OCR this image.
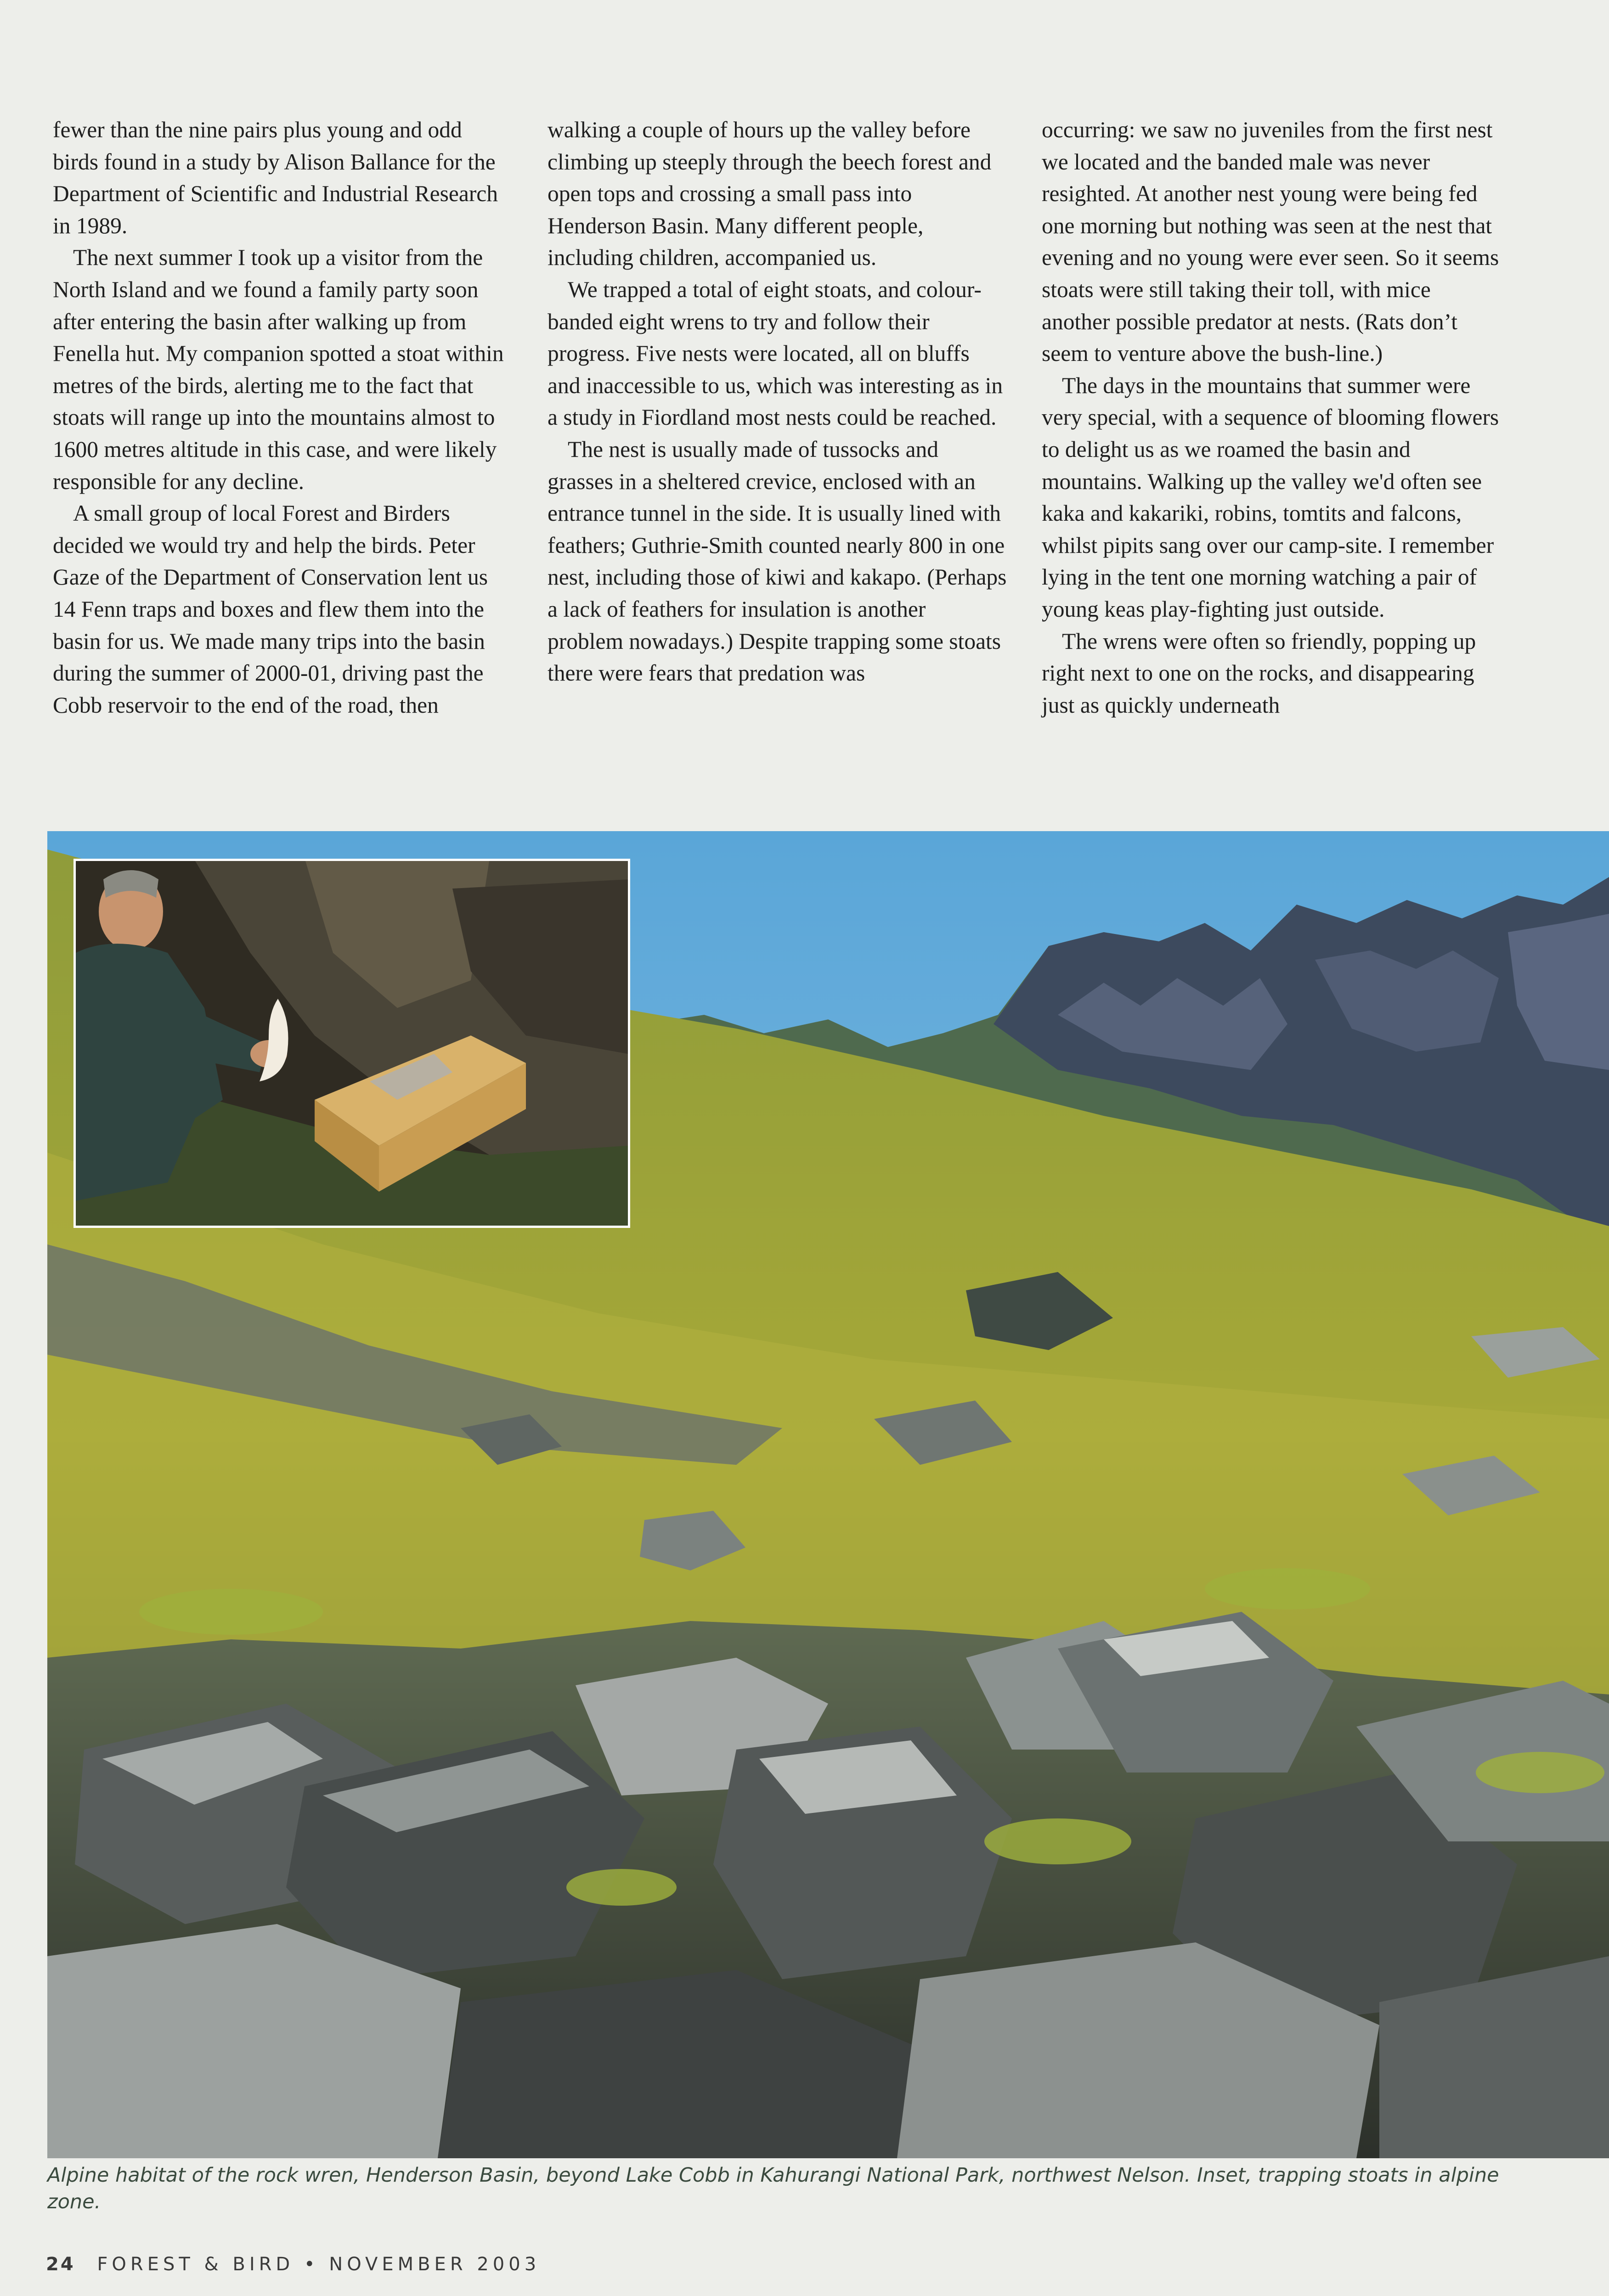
fewer than the nine pairs plus young and odd birds found in a study by Alison Ballance for the Department of Scientific and Industrial Research in 1989.

The next summer I took up a visitor from the North Island and we found a family party soon after entering the basin after walking up from Fenella hut. My companion spotted a stoat within metres of the birds, alerting me to the fact that stoats will range up into the mountains almost to 1600 metres altitude in this case, and were likely responsible for any decline.

A small group of local Forest and Birders decided we would try and help the birds. Peter Gaze of the Department of Conservation lent us 14 Fenn traps and boxes and flew them into the basin for us. We made many trips into the basin during the summer of 2000-01, driving past the Cobb reservoir to the end of the road, then

walking a couple of hours up the valley before climbing up steeply through the beech forest and open tops and crossing a small pass into Henderson Basin. Many different people, including children, accompanied us.

We trapped a total of eight stoats, and colour-banded eight wrens to try and follow their progress. Five nests were located, all on bluffs and inaccessible to us, which was interesting as in a study in Fiordland most nests could be reached.

The nest is usually made of tussocks and grasses in a sheltered crevice, enclosed with an entrance tunnel in the side. It is usually lined with feathers; Guthrie-Smith counted nearly 800 in one nest, including those of kiwi and kakapo. (Perhaps a lack of feathers for insulation is another problem nowadays.) Despite trapping some stoats there were fears that predation was

occurring: we saw no juveniles from the first nest we located and the banded male was never resighted. At another nest young were being fed one morning but nothing was seen at the nest that evening and no young were ever seen. So it seems stoats were still taking their toll, with mice another possible predator at nests. (Rats don’t seem to venture above the bush-line.)

The days in the mountains that summer were very special, with a sequence of blooming flowers to delight us as we roamed the basin and mountains. Walking up the valley we'd often see kaka and kakariki, robins, tomtits and falcons, whilst pipits sang over our camp-site. I remember lying in the tent one morning watching a pair of young keas play-fighting just outside.

The wrens were often so friendly, popping up right next to one on the rocks, and disappearing just as quickly underneath

Alpine habitat of the rock wren, Henderson Basin, beyond Lake Cobb in Kahurangi National Park, northwest Nelson. Inset, trapping stoats in alpine zone.
24 FOREST & BIRD • NOVEMBER 2003
